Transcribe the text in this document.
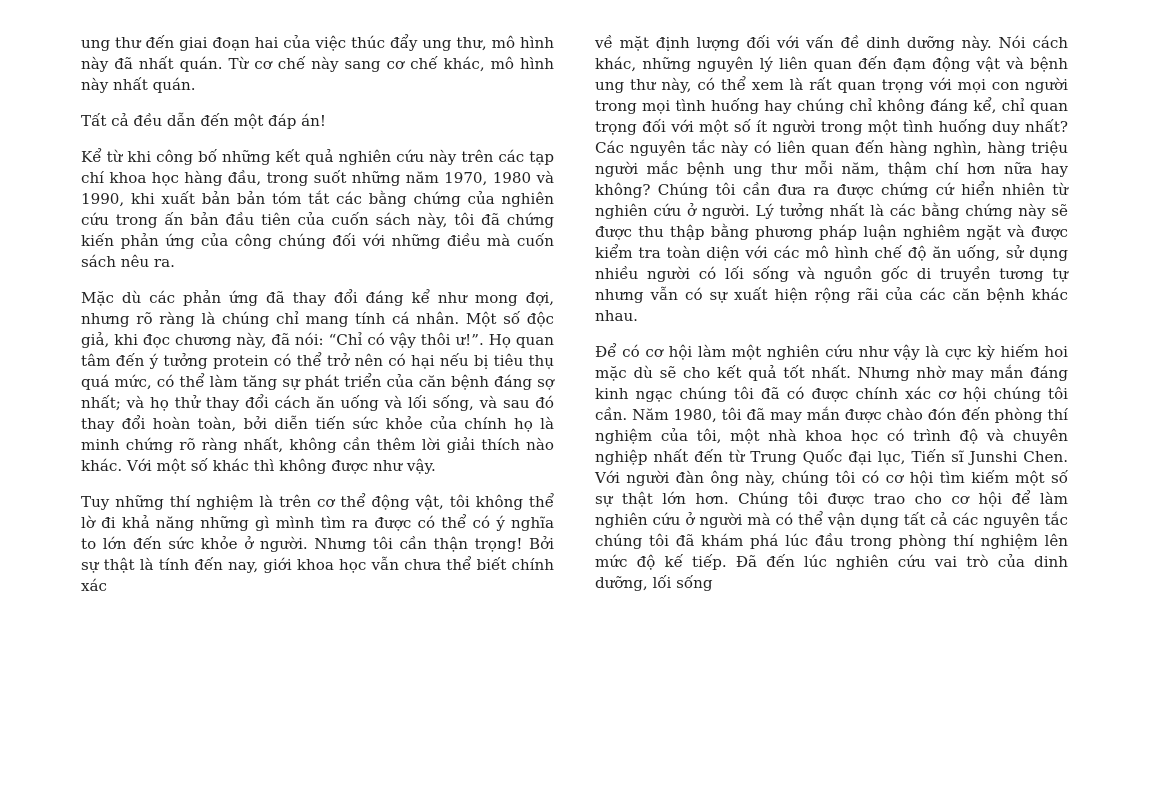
ung thư đến giai đoạn hai của việc thúc đẩy ung thư, mô hình này đã nhất quán. Từ cơ chế này sang cơ chế khác, mô hình này nhất quán.

Tất cả đều dẫn đến một đáp án!

Kể từ khi công bố những kết quả nghiên cứu này trên các tạp chí khoa học hàng đầu, trong suốt những năm 1970, 1980 và 1990, khi xuất bản bản tóm tắt các bằng chứng của nghiên cứu trong ấn bản đầu tiên của cuốn sách này, tôi đã chứng kiến phản ứng của công chúng đối với những điều mà cuốn sách nêu ra.

Mặc dù các phản ứng đã thay đổi đáng kể như mong đợi, nhưng rõ ràng là chúng chỉ mang tính cá nhân. Một số độc giả, khi đọc chương này, đã nói: “Chỉ có vậy thôi ư!”. Họ quan tâm đến ý tưởng protein có thể trở nên có hại nếu bị tiêu thụ quá mức, có thể làm tăng sự phát triển của căn bệnh đáng sợ nhất; và họ thử thay đổi cách ăn uống và lối sống, và sau đó thay đổi hoàn toàn, bởi diễn tiến sức khỏe của chính họ là minh chứng rõ ràng nhất, không cần thêm lời giải thích nào khác. Với một số khác thì không được như vậy.

Tuy những thí nghiệm là trên cơ thể động vật, tôi không thể lờ đi khả năng những gì mình tìm ra được có thể có ý nghĩa to lớn đến sức khỏe ở người. Nhưng tôi cần thận trọng! Bởi sự thật là tính đến nay, giới khoa học vẫn chưa thể biết chính xác

về mặt định lượng đối với vấn đề dinh dưỡng này. Nói cách khác, những nguyên lý liên quan đến đạm động vật và bệnh ung thư này, có thể xem là rất quan trọng với mọi con người trong mọi tình huống hay chúng chỉ không đáng kể, chỉ quan trọng đối với một số ít người trong một tình huống duy nhất? Các nguyên tắc này có liên quan đến hàng nghìn, hàng triệu người mắc bệnh ung thư mỗi năm, thậm chí hơn nữa hay không? Chúng tôi cần đưa ra được chứng cứ hiển nhiên từ nghiên cứu ở người. Lý tưởng nhất là các bằng chứng này sẽ được thu thập bằng phương pháp luận nghiêm ngặt và được kiểm tra toàn diện với các mô hình chế độ ăn uống, sử dụng nhiều người có lối sống và nguồn gốc di truyền tương tự nhưng vẫn có sự xuất hiện rộng rãi của các căn bệnh khác nhau.

Để có cơ hội làm một nghiên cứu như vậy là cực kỳ hiếm hoi mặc dù sẽ cho kết quả tốt nhất. Nhưng nhờ may mắn đáng kinh ngạc chúng tôi đã có được chính xác cơ hội chúng tôi cần. Năm 1980, tôi đã may mắn được chào đón đến phòng thí nghiệm của tôi, một nhà khoa học có trình độ và chuyên nghiệp nhất đến từ Trung Quốc đại lục, Tiến sĩ Junshi Chen. Với người đàn ông này, chúng tôi có cơ hội tìm kiếm một số sự thật lớn hơn. Chúng tôi được trao cho cơ hội để làm nghiên cứu ở người mà có thể vận dụng tất cả các nguyên tắc chúng tôi đã khám phá lúc đầu trong phòng thí nghiệm lên mức độ kế tiếp. Đã đến lúc nghiên cứu vai trò của dinh dưỡng, lối sống
